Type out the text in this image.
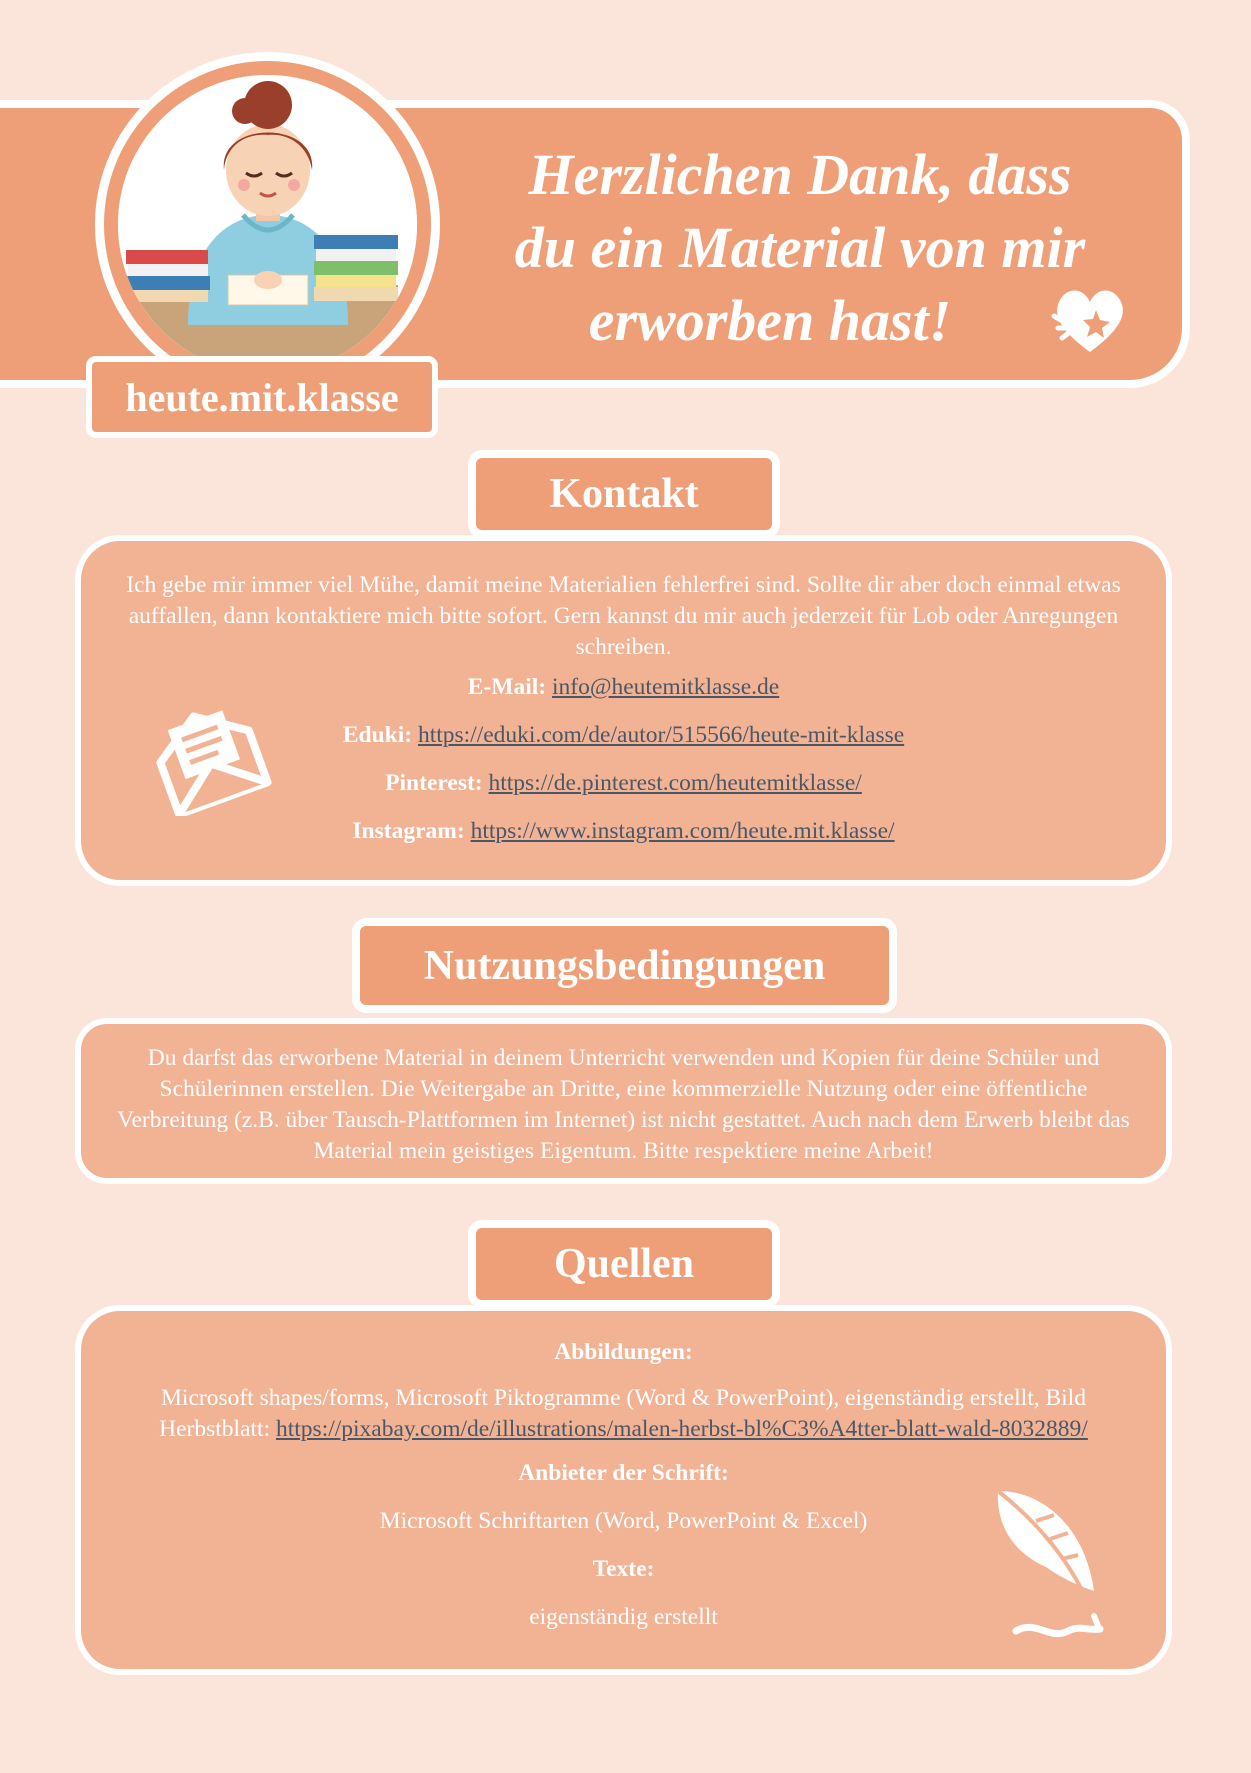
Herzlichen Dank, dass
du ein Material von mir
erworben hast!
heute.mit.klasse
Kontakt
Ich gebe mir immer viel Mühe, damit meine Materialien fehlerfrei sind. Sollte dir aber doch einmal etwas auffallen, dann kontaktiere mich bitte sofort. Gern kannst du mir auch jederzeit für Lob oder Anregungen schreiben.
E-Mail: info@heutemitklasse.de
Eduki: https://eduki.com/de/autor/515566/heute-mit-klasse
Pinterest: https://de.pinterest.com/heutemitklasse/
Instagram: https://www.instagram.com/heute.mit.klasse/
Nutzungsbedingungen
Du darfst das erworbene Material in deinem Unterricht verwenden und Kopien für deine Schüler und Schülerinnen erstellen. Die Weitergabe an Dritte, eine kommerzielle Nutzung oder eine öffentliche Verbreitung (z.B. über Tausch-Plattformen im Internet) ist nicht gestattet. Auch nach dem Erwerb bleibt das Material mein geistiges Eigentum. Bitte respektiere meine Arbeit!
Quellen
Abbildungen:
Microsoft shapes/forms, Microsoft Piktogramme (Word & PowerPoint), eigenständig erstellt, Bild Herbstblatt: https://pixabay.com/de/illustrations/malen-herbst-bl%C3%A4tter-blatt-wald-8032889/
Anbieter der Schrift:
Microsoft Schriftarten (Word, PowerPoint & Excel)
Texte:
eigenständig erstellt
